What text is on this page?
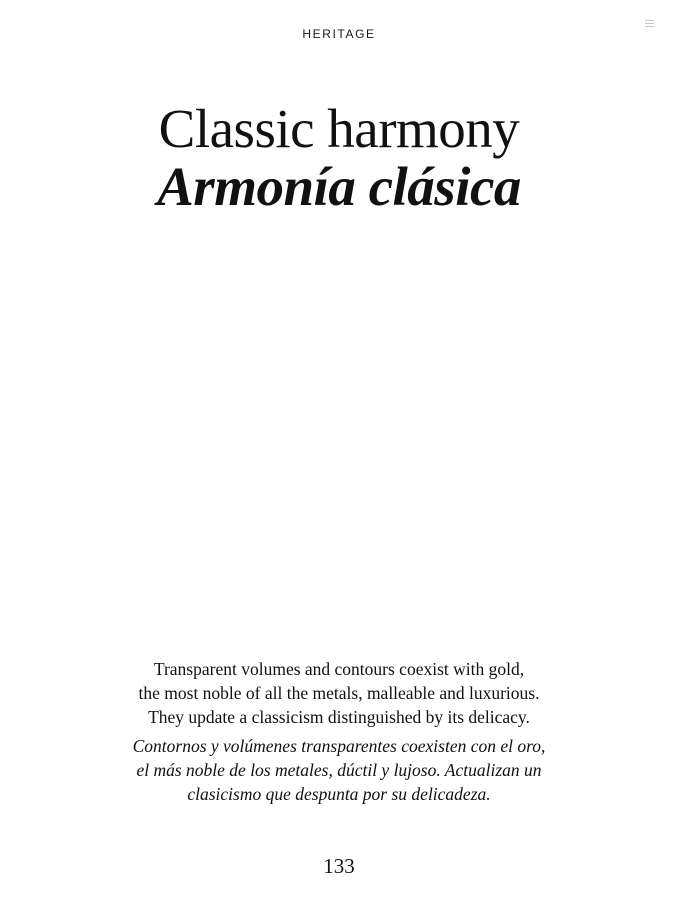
HERITAGE
Classic harmony
Armonía clásica
Transparent volumes and contours coexist with gold,
the most noble of all the metals, malleable and luxurious.
They update a classicism distinguished by its delicacy.
Contornos y volúmenes transparentes coexisten con el oro,
el más noble de los metales, dúctil y lujoso. Actualizan un
clasicismo que despunta por su delicadeza.
133
